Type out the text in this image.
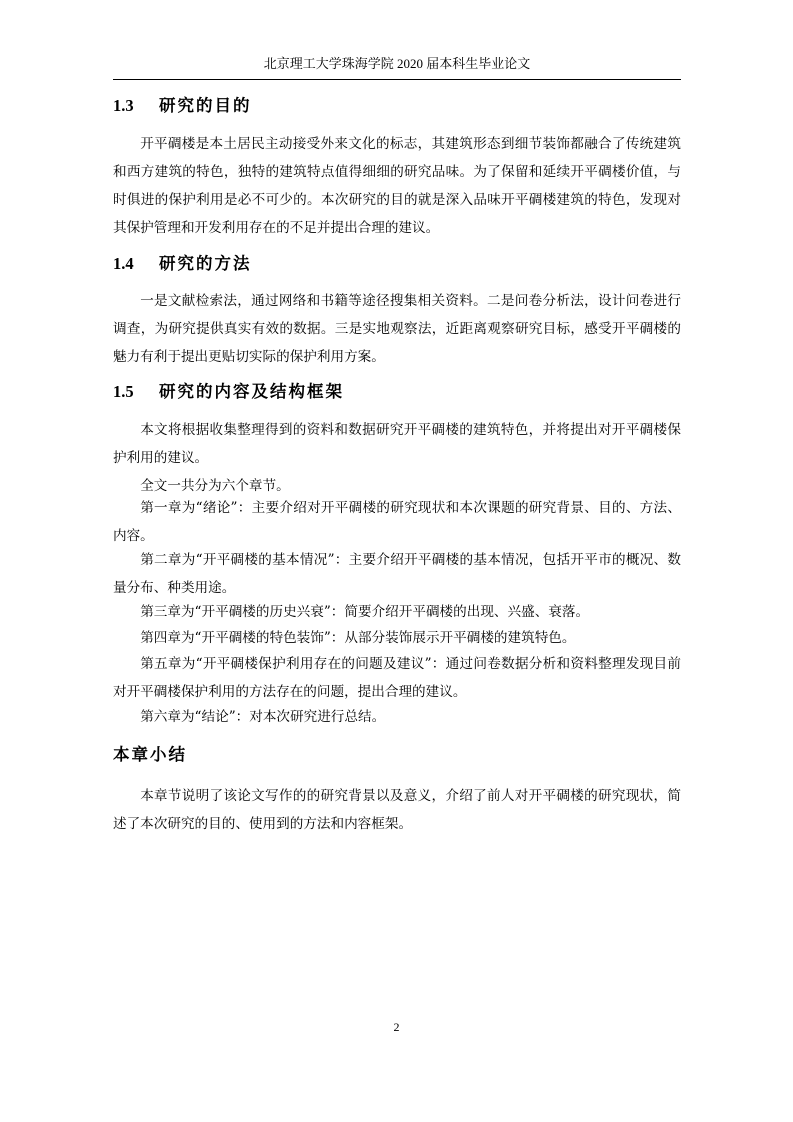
北京理工大学珠海学院 2020 届本科生毕业论文
1.3 研究的目的

开平碉楼是本土居民主动接受外来文化的标志，其建筑形态到细节装饰都融合了传统建筑和西方建筑的特色，独特的建筑特点值得细细的研究品味。为了保留和延续开平碉楼价值，与时俱进的保护利用是必不可少的。本次研究的目的就是深入品味开平碉楼建筑的特色，发现对其保护管理和开发利用存在的不足并提出合理的建议。

1.4 研究的方法

一是文献检索法，通过网络和书籍等途径搜集相关资料。二是问卷分析法，设计问卷进行调查，为研究提供真实有效的数据。三是实地观察法，近距离观察研究目标，感受开平碉楼的魅力有利于提出更贴切实际的保护利用方案。

1.5 研究的内容及结构框架

本文将根据收集整理得到的资料和数据研究开平碉楼的建筑特色，并将提出对开平碉楼保护利用的建议。

全文一共分为六个章节。

第一章为“绪论”：主要介绍对开平碉楼的研究现状和本次课题的研究背景、目的、方法、内容。

第二章为“开平碉楼的基本情况”：主要介绍开平碉楼的基本情况，包括开平市的概况、数量分布、种类用途。

第三章为“开平碉楼的历史兴衰”：简要介绍开平碉楼的出现、兴盛、衰落。

第四章为“开平碉楼的特色装饰”：从部分装饰展示开平碉楼的建筑特色。

第五章为“开平碉楼保护利用存在的问题及建议”：通过问卷数据分析和资料整理发现目前对开平碉楼保护利用的方法存在的问题，提出合理的建议。

第六章为“结论”：对本次研究进行总结。

本章小结

本章节说明了该论文写作的的研究背景以及意义，介绍了前人对开平碉楼的研究现状，简述了本次研究的目的、使用到的方法和内容框架。

2
